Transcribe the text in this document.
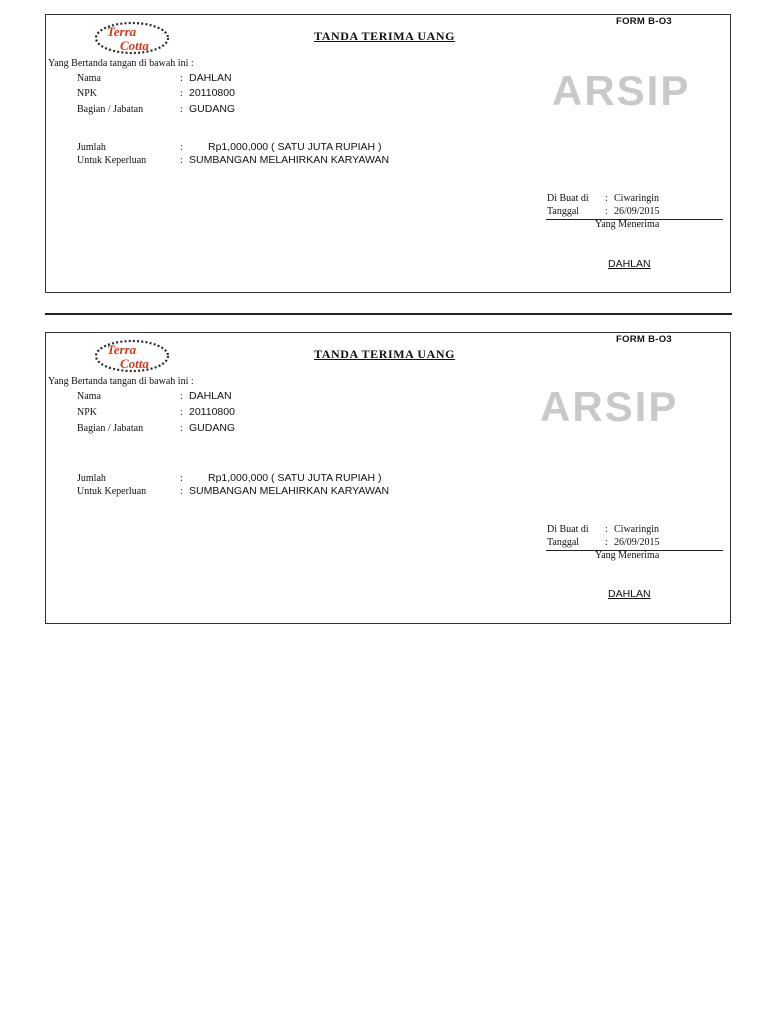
FORM B-O3
Terra
Cotta
TANDA TERIMA UANG
ARSIP
Yang Bertanda tangan di bawah ini :
Nama	: DAHLAN
NPK	: 20110800
Bagian / Jabatan	: GUDANG
Jumlah	: Rp1,000,000 ( SATU JUTA RUPIAH )
Untuk Keperluan	: SUMBANGAN MELAHIRKAN KARYAWAN
Di Buat di : Ciwaringin
Tanggal	: 26/09/2015
Yang Menerima
DAHLAN
FORM B-O3
Terra
Cotta
TANDA TERIMA UANG
ARSIP
Yang Bertanda tangan di bawah ini :
Nama	: DAHLAN
NPK	: 20110800
Bagian / Jabatan	: GUDANG
Jumlah	: Rp1,000,000 ( SATU JUTA RUPIAH )
Untuk Keperluan	: SUMBANGAN MELAHIRKAN KARYAWAN
Di Buat di : Ciwaringin
Tanggal	: 26/09/2015
Yang Menerima
DAHLAN
